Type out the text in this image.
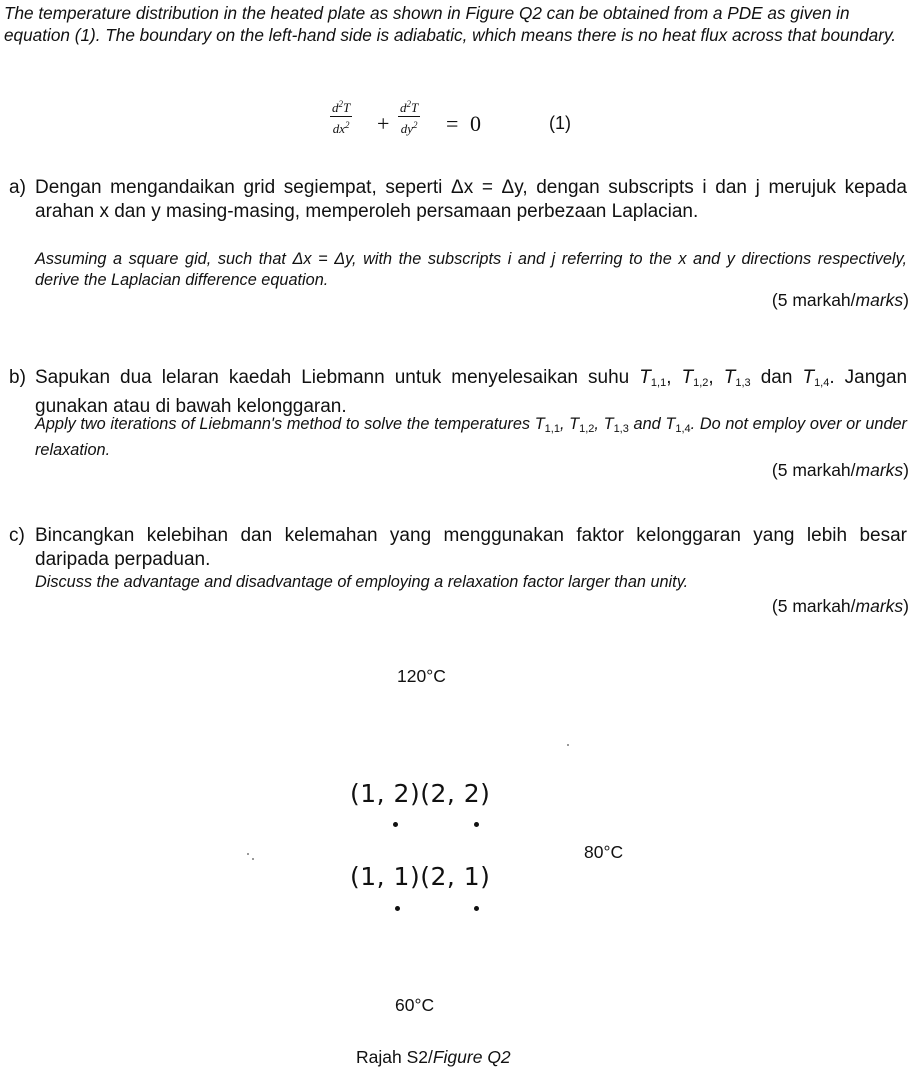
The temperature distribution in the heated plate as shown in Figure Q2 can be obtained from a PDE as given in equation (1). The boundary on the left-hand side is adiabatic, which means there is no heat flux across that boundary.
$d^2T$
$dx^2$ +
$d^2T$
$dy^2 = 0$	(1)
a) Dengan mengandaikan grid segiempat, seperti Δx = Δy, dengan subscripts i dan j merujuk kepada arahan x dan y masing-masing, memperoleh persamaan perbezaan Laplacian.
Assuming a square gid, such that Δx = Δy, with the subscripts i and j referring to the x and y directions respectively, derive the Laplacian difference equation.
(5 markah/marks)
b) Sapukan dua lelaran kaedah Liebmann untuk menyelesaikan suhu $T_{1,1}$, $T_{1,2}$, $T_{1,3}$ dan $T_{1,4}$. Jangan gunakan atau di bawah kelonggaran.
Apply two iterations of Liebmann's method to solve the temperatures $T_{1,1}$, $T_{1,2}$, $T_{1,3}$ and $T_{1,4}$. Do not employ over or under relaxation.
(5 markah/marks)
c) Bincangkan kelebihan dan kelemahan yang menggunakan faktor kelonggaran yang lebih besar daripada perpaduan.
Discuss the advantage and disadvantage of employing a relaxation factor larger than unity.
(5 markah/marks)
120°C
(1, 2)(2, 2)
80°C
(1, 1)(2, 1)
60°C
Rajah S2/Figure Q2
